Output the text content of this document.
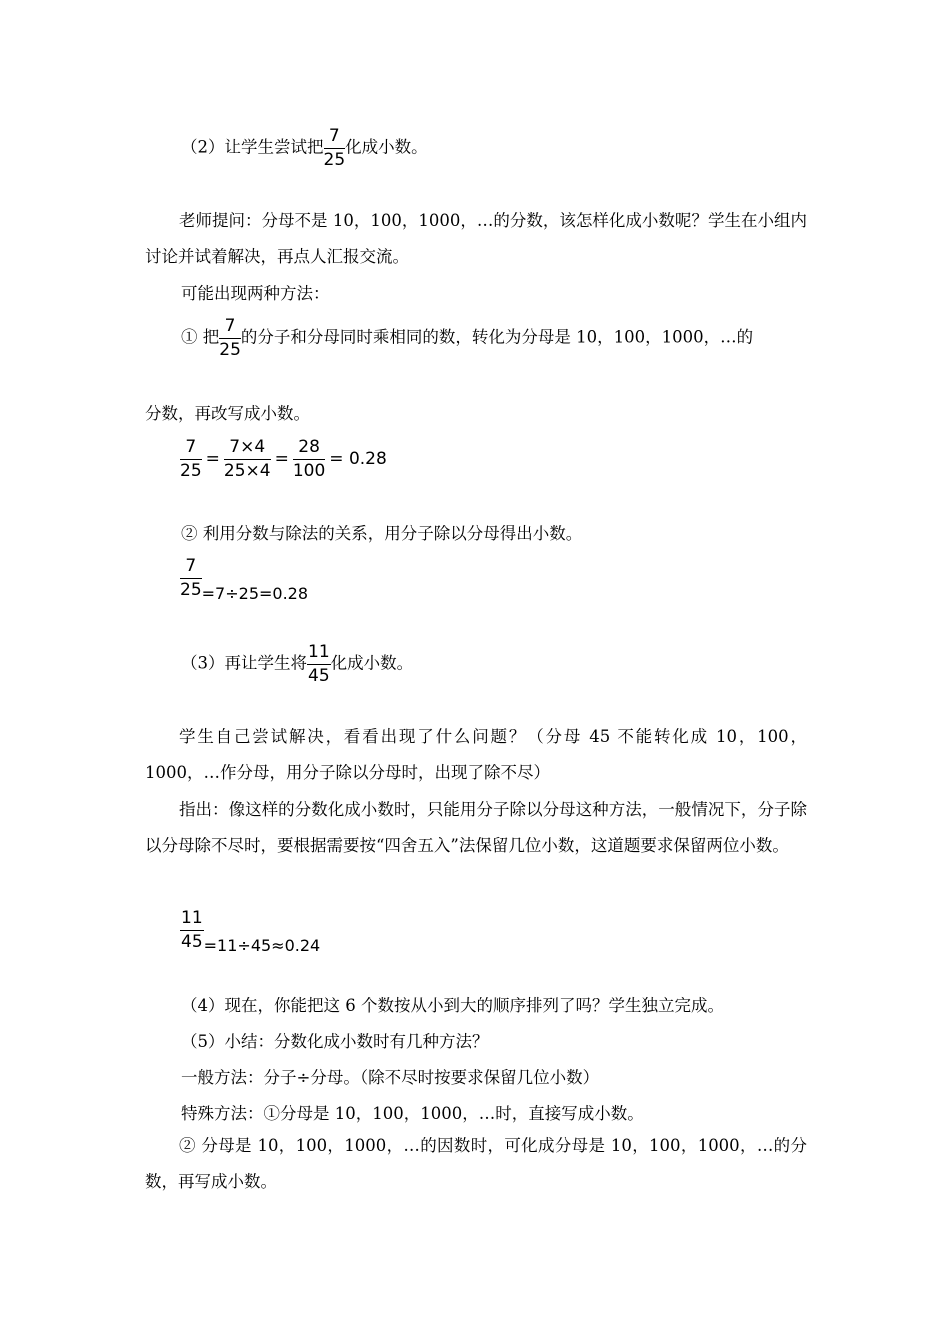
（2）让学生尝试把 $\frac{7}{25}$ 化成小数。
老师提问：分母不是 10，100，1000，…的分数，该怎样化成小数呢？学生在小组内讨论并试着解决，再点人汇报交流。
可能出现两种方法：
① 把 $\frac{7}{25}$ 的分子和分母同时乘相同的数，转化为分母是 10，100，1000，…的
分数，再改写成小数。
$\frac{7}{25} = \frac{7\times 4}{25\times 4} = \frac{28}{100} = 0.28$
② 利用分数与除法的关系，用分子除以分母得出小数。
$\frac{7}{25} =7\div 25=0.28$
（3）再让学生将 $\frac{11}{45}$ 化成小数。
学生自己尝试解决，看看出现了什么问题？（分母 45 不能转化成 10，100，1000，…作分母，用分子除以分母时，出现了除不尽）
指出：像这样的分数化成小数时，只能用分子除以分母这种方法，一般情况下，分子除以分母除不尽时，要根据需要按“四舍五入”法保留几位小数，这道题要求保留两位小数。
$\frac{11}{45} =11\div 45\approx 0.24$
（4）现在，你能把这 6 个数按从小到大的顺序排列了吗？学生独立完成。
（5）小结：分数化成小数时有几种方法？
一般方法：分子÷分母。（除不尽时按要求保留几位小数）
特殊方法：①分母是 10，100，1000，…时，直接写成小数。
② 分母是 10，100，1000，…的因数时，可化成分母是 10，100，1000，…的分数，再写成小数。
